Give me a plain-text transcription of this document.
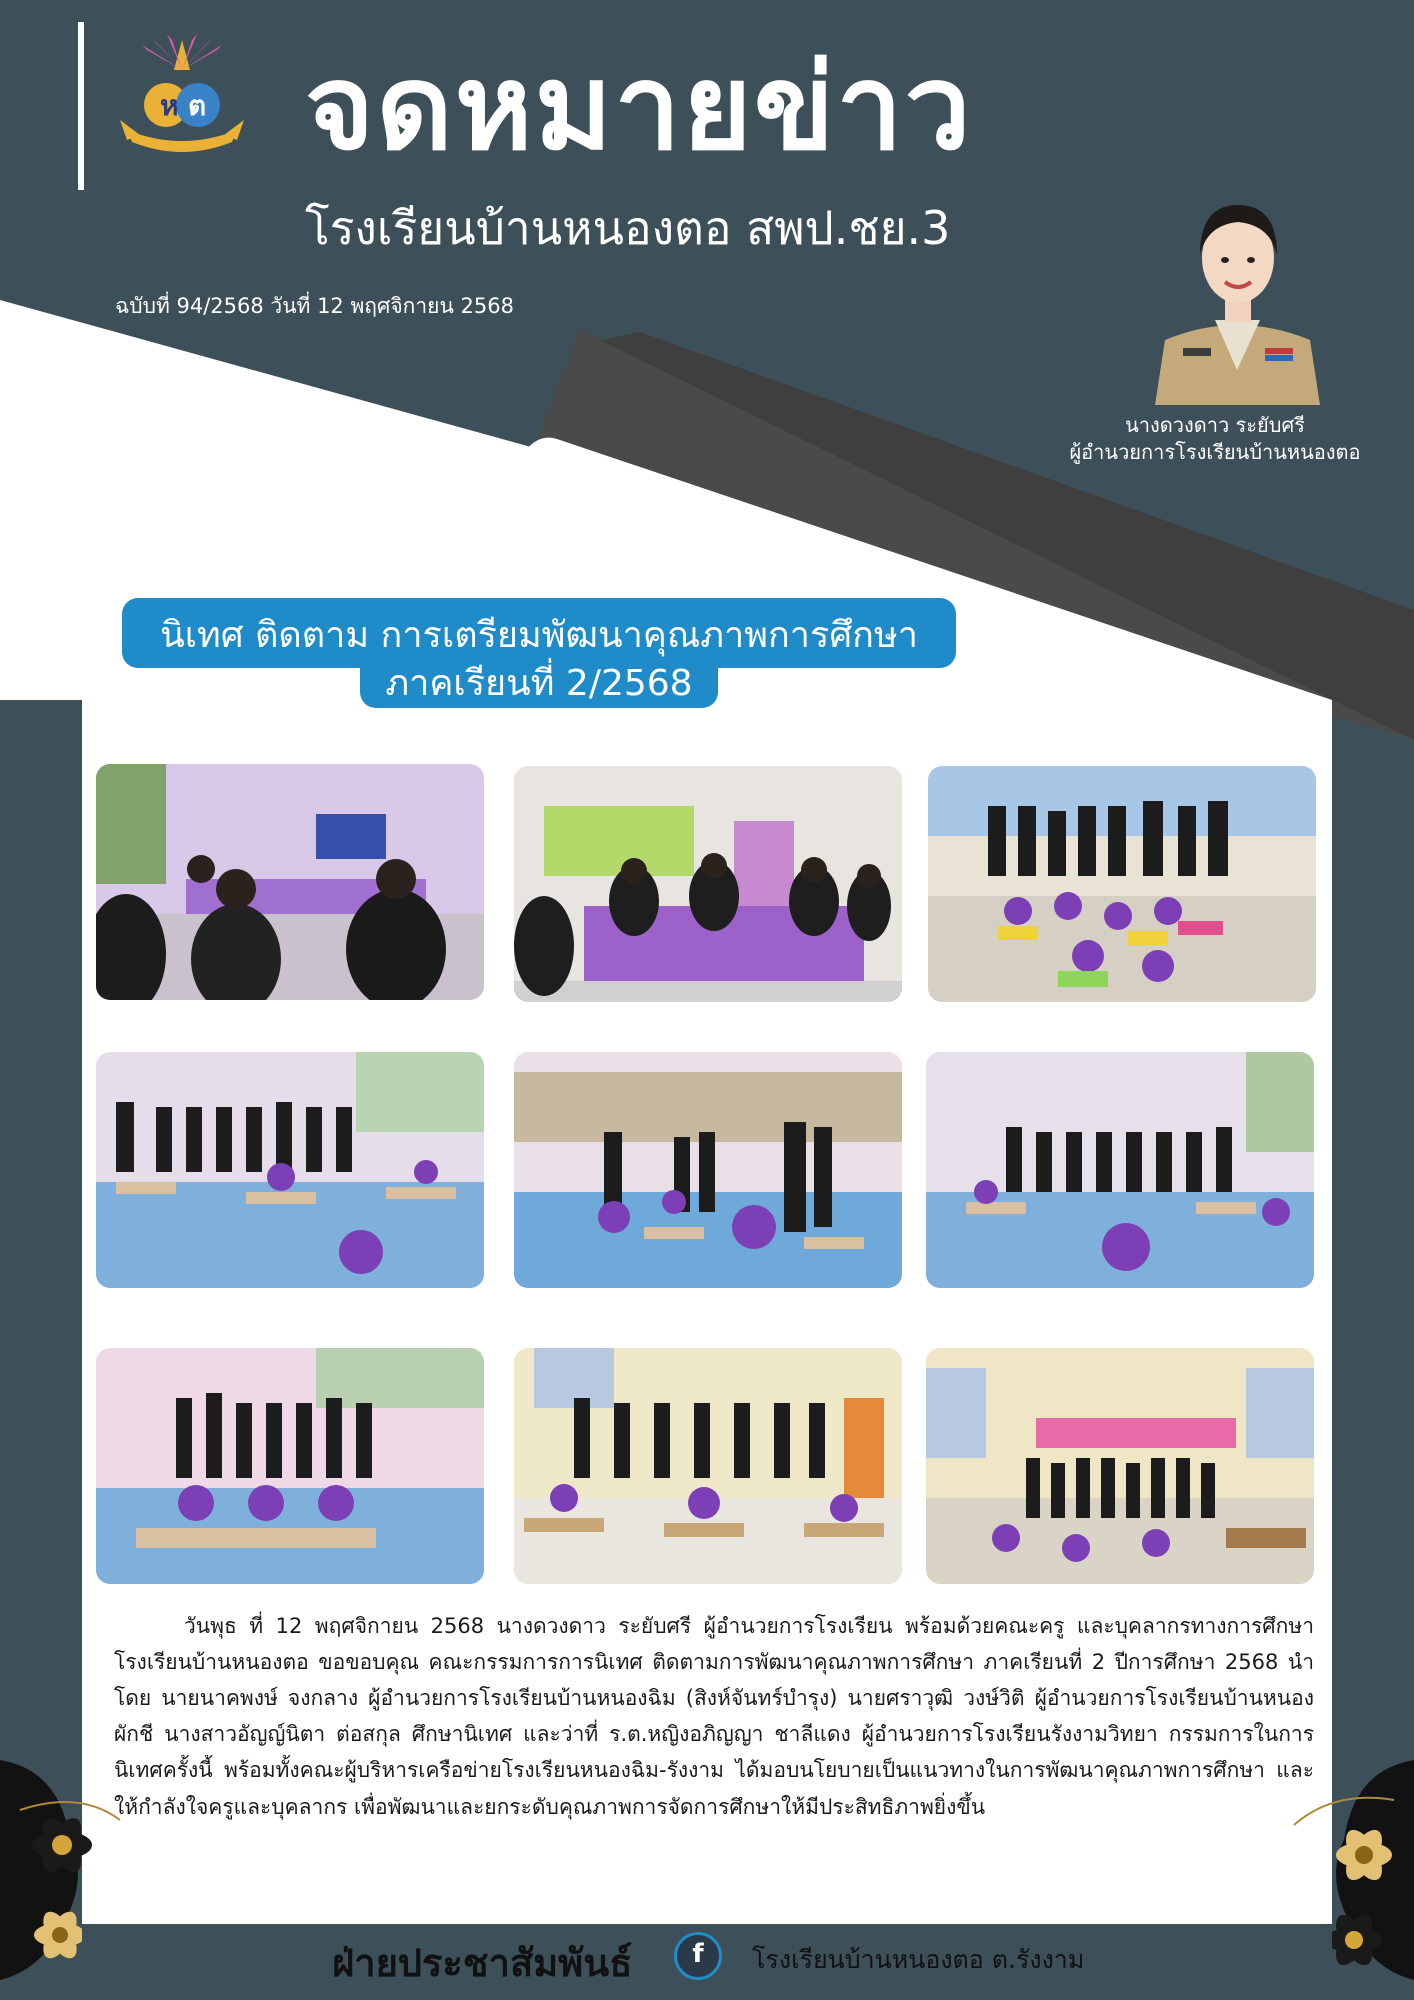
ห ต จดหมายข่าว
โรงเรียนบ้านหนองตอ สพป.ชย.3
ฉบับที่ 94/2568 วันที่ 12 พฤศจิกายน 2568
นางดวงดาว ระยับศรี
ผู้อำนวยการโรงเรียนบ้านหนองตอ
นิเทศ ติดตาม การเตรียมพัฒนาคุณภาพการศึกษา
ภาคเรียนที่ 2/2568
วันพุธ ที่ 12 พฤศจิกายน 2568 นางดวงดาว ระยับศรี ผู้อำนวยการโรงเรียน พร้อมด้วยคณะครู และบุคลากรทางการศึกษา โรงเรียนบ้านหนองตอ ขอขอบคุณ คณะกรรมการการนิเทศ ติดตามการพัฒนาคุณภาพการศึกษา ภาคเรียนที่ 2 ปีการศึกษา 2568 นำโดย นายนาคพงษ์ จงกลาง ผู้อำนวยการโรงเรียนบ้านหนองฉิม (สิงห์จันทร์บำรุง) นายศราวุฒิ วงษ์วิติ ผู้อำนวยการโรงเรียนบ้านหนองผักชี นางสาวอัญญ์นิตา ต่อสกุล ศึกษานิเทศ และว่าที่ ร.ต.หญิงอภิญญา ชาลีแดง ผู้อำนวยการโรงเรียนรังงามวิทยา กรรมการในการนิเทศครั้งนี้ พร้อมทั้งคณะผู้บริหารเครือข่ายโรงเรียนหนองฉิม-รังงาม ได้มอบนโยบายเป็นแนวทางในการพัฒนาคุณภาพการศึกษา และให้กำลังใจครูและบุคลากร เพื่อพัฒนาและยกระดับคุณภาพการจัดการศึกษาให้มีประสิทธิภาพยิ่งขึ้น
ฝ่ายประชาสัมพันธ์	f	โรงเรียนบ้านหนองตอ ต.รังงาม
